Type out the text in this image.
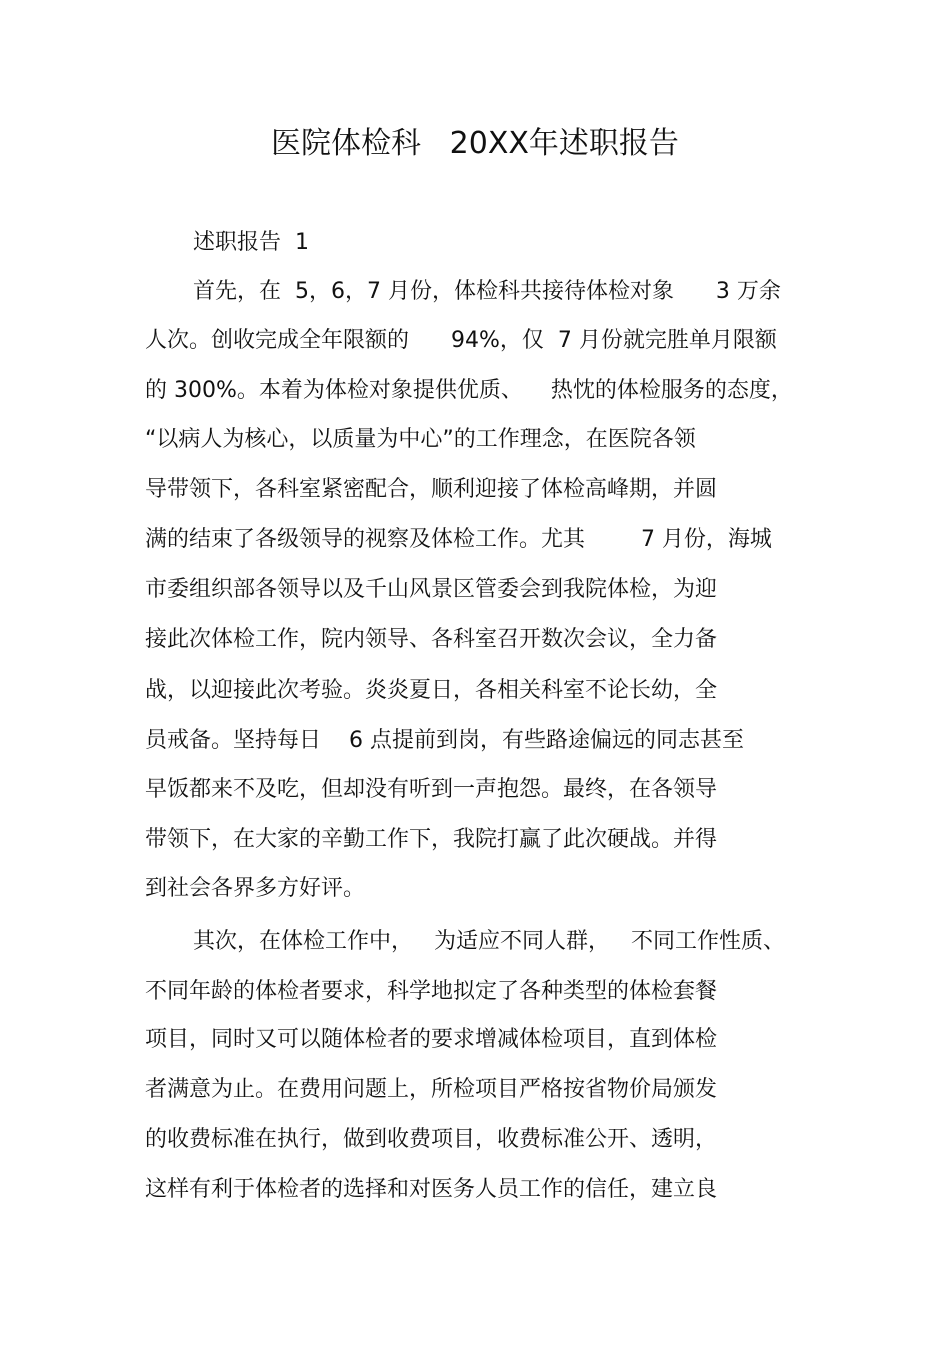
医院体检科   20XX年述职报告
述职报告  1
首先，在  5，6，7 月份，体检科共接待体检对象      3 万余
人次。创收完成全年限额的      94%，仅  7 月份就完胜单月限额
的 300%。本着为体检对象提供优质、    热忱的体检服务的态度，
“以病人为核心，以质量为中心”的工作理念，在医院各领
导带领下，各科室紧密配合，顺利迎接了体检高峰期，并圆
满的结束了各级领导的视察及体检工作。尤其        7 月份，海城
市委组织部各领导以及千山风景区管委会到我院体检，为迎
接此次体检工作，院内领导、各科室召开数次会议，全力备
战，以迎接此次考验。炎炎夏日，各相关科室不论长幼，全
员戒备。坚持每日    6 点提前到岗，有些路途偏远的同志甚至
早饭都来不及吃，但却没有听到一声抱怨。最终，在各领导
带领下，在大家的辛勤工作下，我院打赢了此次硬战。并得
到社会各界多方好评。
其次，在体检工作中，   为适应不同人群，   不同工作性质、
不同年龄的体检者要求，科学地拟定了各种类型的体检套餐
项目，同时又可以随体检者的要求增减体检项目，直到体检
者满意为止。在费用问题上，所检项目严格按省物价局颁发
的收费标准在执行，做到收费项目，收费标准公开、透明，
这样有利于体检者的选择和对医务人员工作的信任，建立良
